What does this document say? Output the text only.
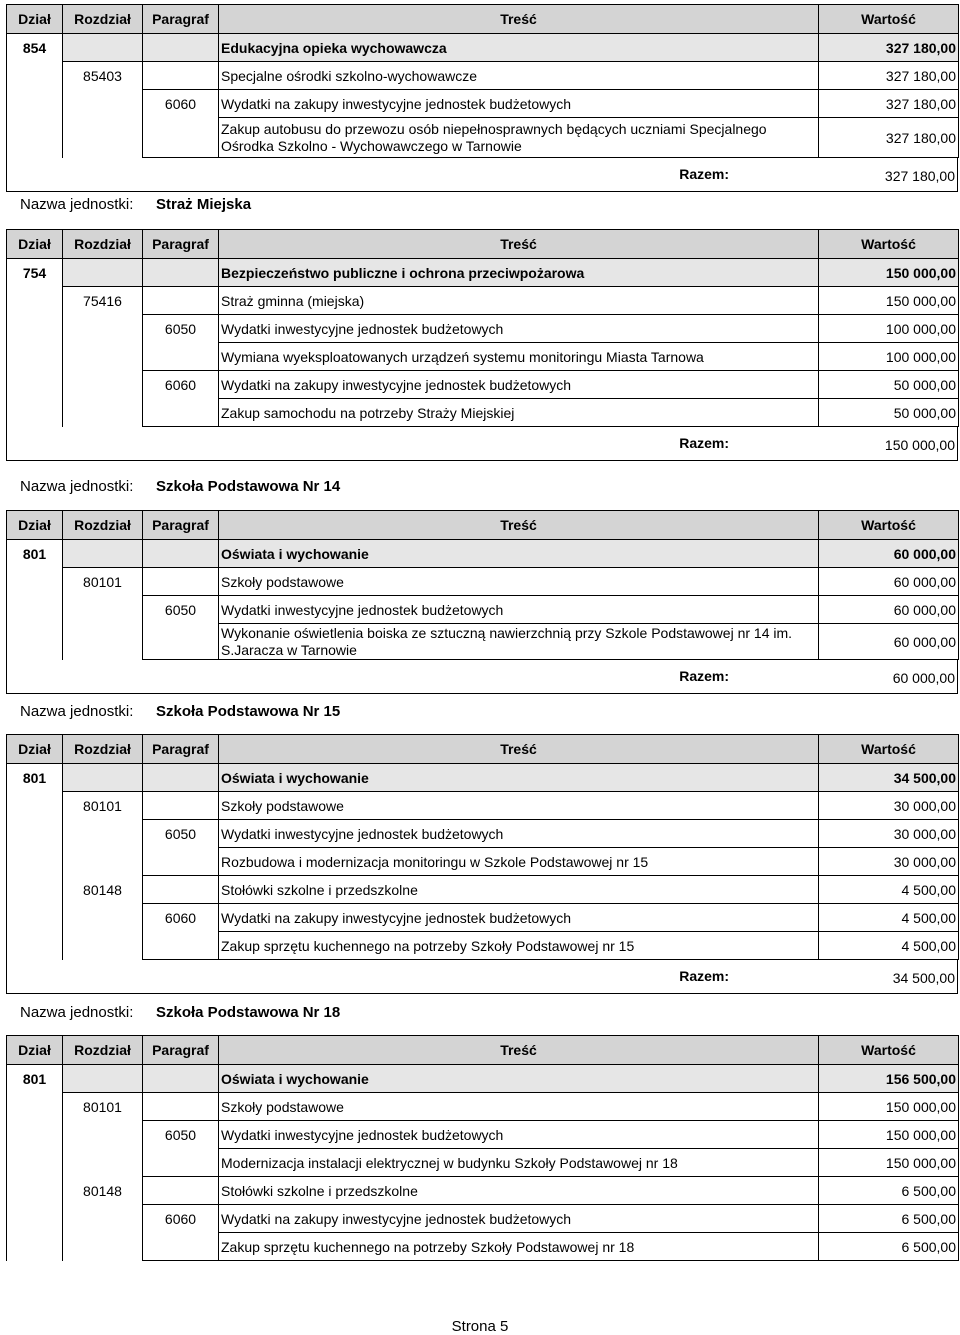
Dział	Rozdział	Paragraf	Treść	Wartość
854			Edukacyjna opieka wychowawcza	327 180,00
	85403		Specjalne ośrodki szkolno-wychowawcze	327 180,00
		6060	Wydatki na zakupy inwestycyjne jednostek budżetowych	327 180,00
			Zakup autobusu do przewozu osób niepełnosprawnych będących uczniami Specjalnego Ośrodka Szkolno - Wychowawczego w Tarnowie	327 180,00
Razem:	327 180,00
Dział	Rozdział	Paragraf	Treść	Wartość
754			Bezpieczeństwo publiczne i ochrona przeciwpożarowa	150 000,00
	75416		Straż gminna (miejska)	150 000,00
		6050	Wydatki inwestycyjne jednostek budżetowych	100 000,00
			Wymiana wyeksploatowanych urządzeń systemu monitoringu Miasta Tarnowa	100 000,00
		6060	Wydatki na zakupy inwestycyjne jednostek budżetowych	50 000,00
			Zakup samochodu na potrzeby Straży Miejskiej	50 000,00
Razem:	150 000,00
Dział	Rozdział	Paragraf	Treść	Wartość
801			Oświata i wychowanie	60 000,00
	80101		Szkoły podstawowe	60 000,00
		6050	Wydatki inwestycyjne jednostek budżetowych	60 000,00
			Wykonanie oświetlenia boiska ze sztuczną nawierzchnią przy Szkole Podstawowej nr 14 im. S.Jaracza w Tarnowie	60 000,00
Razem:	60 000,00
Dział	Rozdział	Paragraf	Treść	Wartość
801			Oświata i wychowanie	34 500,00
	80101		Szkoły podstawowe	30 000,00
		6050	Wydatki inwestycyjne jednostek budżetowych	30 000,00
			Rozbudowa i modernizacja monitoringu w Szkole Podstawowej nr 15	30 000,00
	80148		Stołówki szkolne i przedszkolne	4 500,00
		6060	Wydatki na zakupy inwestycyjne jednostek budżetowych	4 500,00
			Zakup sprzętu kuchennego na potrzeby Szkoły Podstawowej nr 15	4 500,00
Razem:	34 500,00
Dział	Rozdział	Paragraf	Treść	Wartość
801			Oświata i wychowanie	156 500,00
	80101		Szkoły podstawowe	150 000,00
		6050	Wydatki inwestycyjne jednostek budżetowych	150 000,00
			Modernizacja instalacji elektrycznej w budynku Szkoły Podstawowej nr 18	150 000,00
	80148		Stołówki szkolne i przedszkolne	6 500,00
		6060	Wydatki na zakupy inwestycyjne jednostek budżetowych	6 500,00
			Zakup sprzętu kuchennego na potrzeby Szkoły Podstawowej nr 18	6 500,00
Nazwa jednostki: Straż Miejska
Nazwa jednostki: Szkoła Podstawowa Nr 14
Nazwa jednostki: Szkoła Podstawowa Nr 15
Nazwa jednostki: Szkoła Podstawowa Nr 18
Strona 5
